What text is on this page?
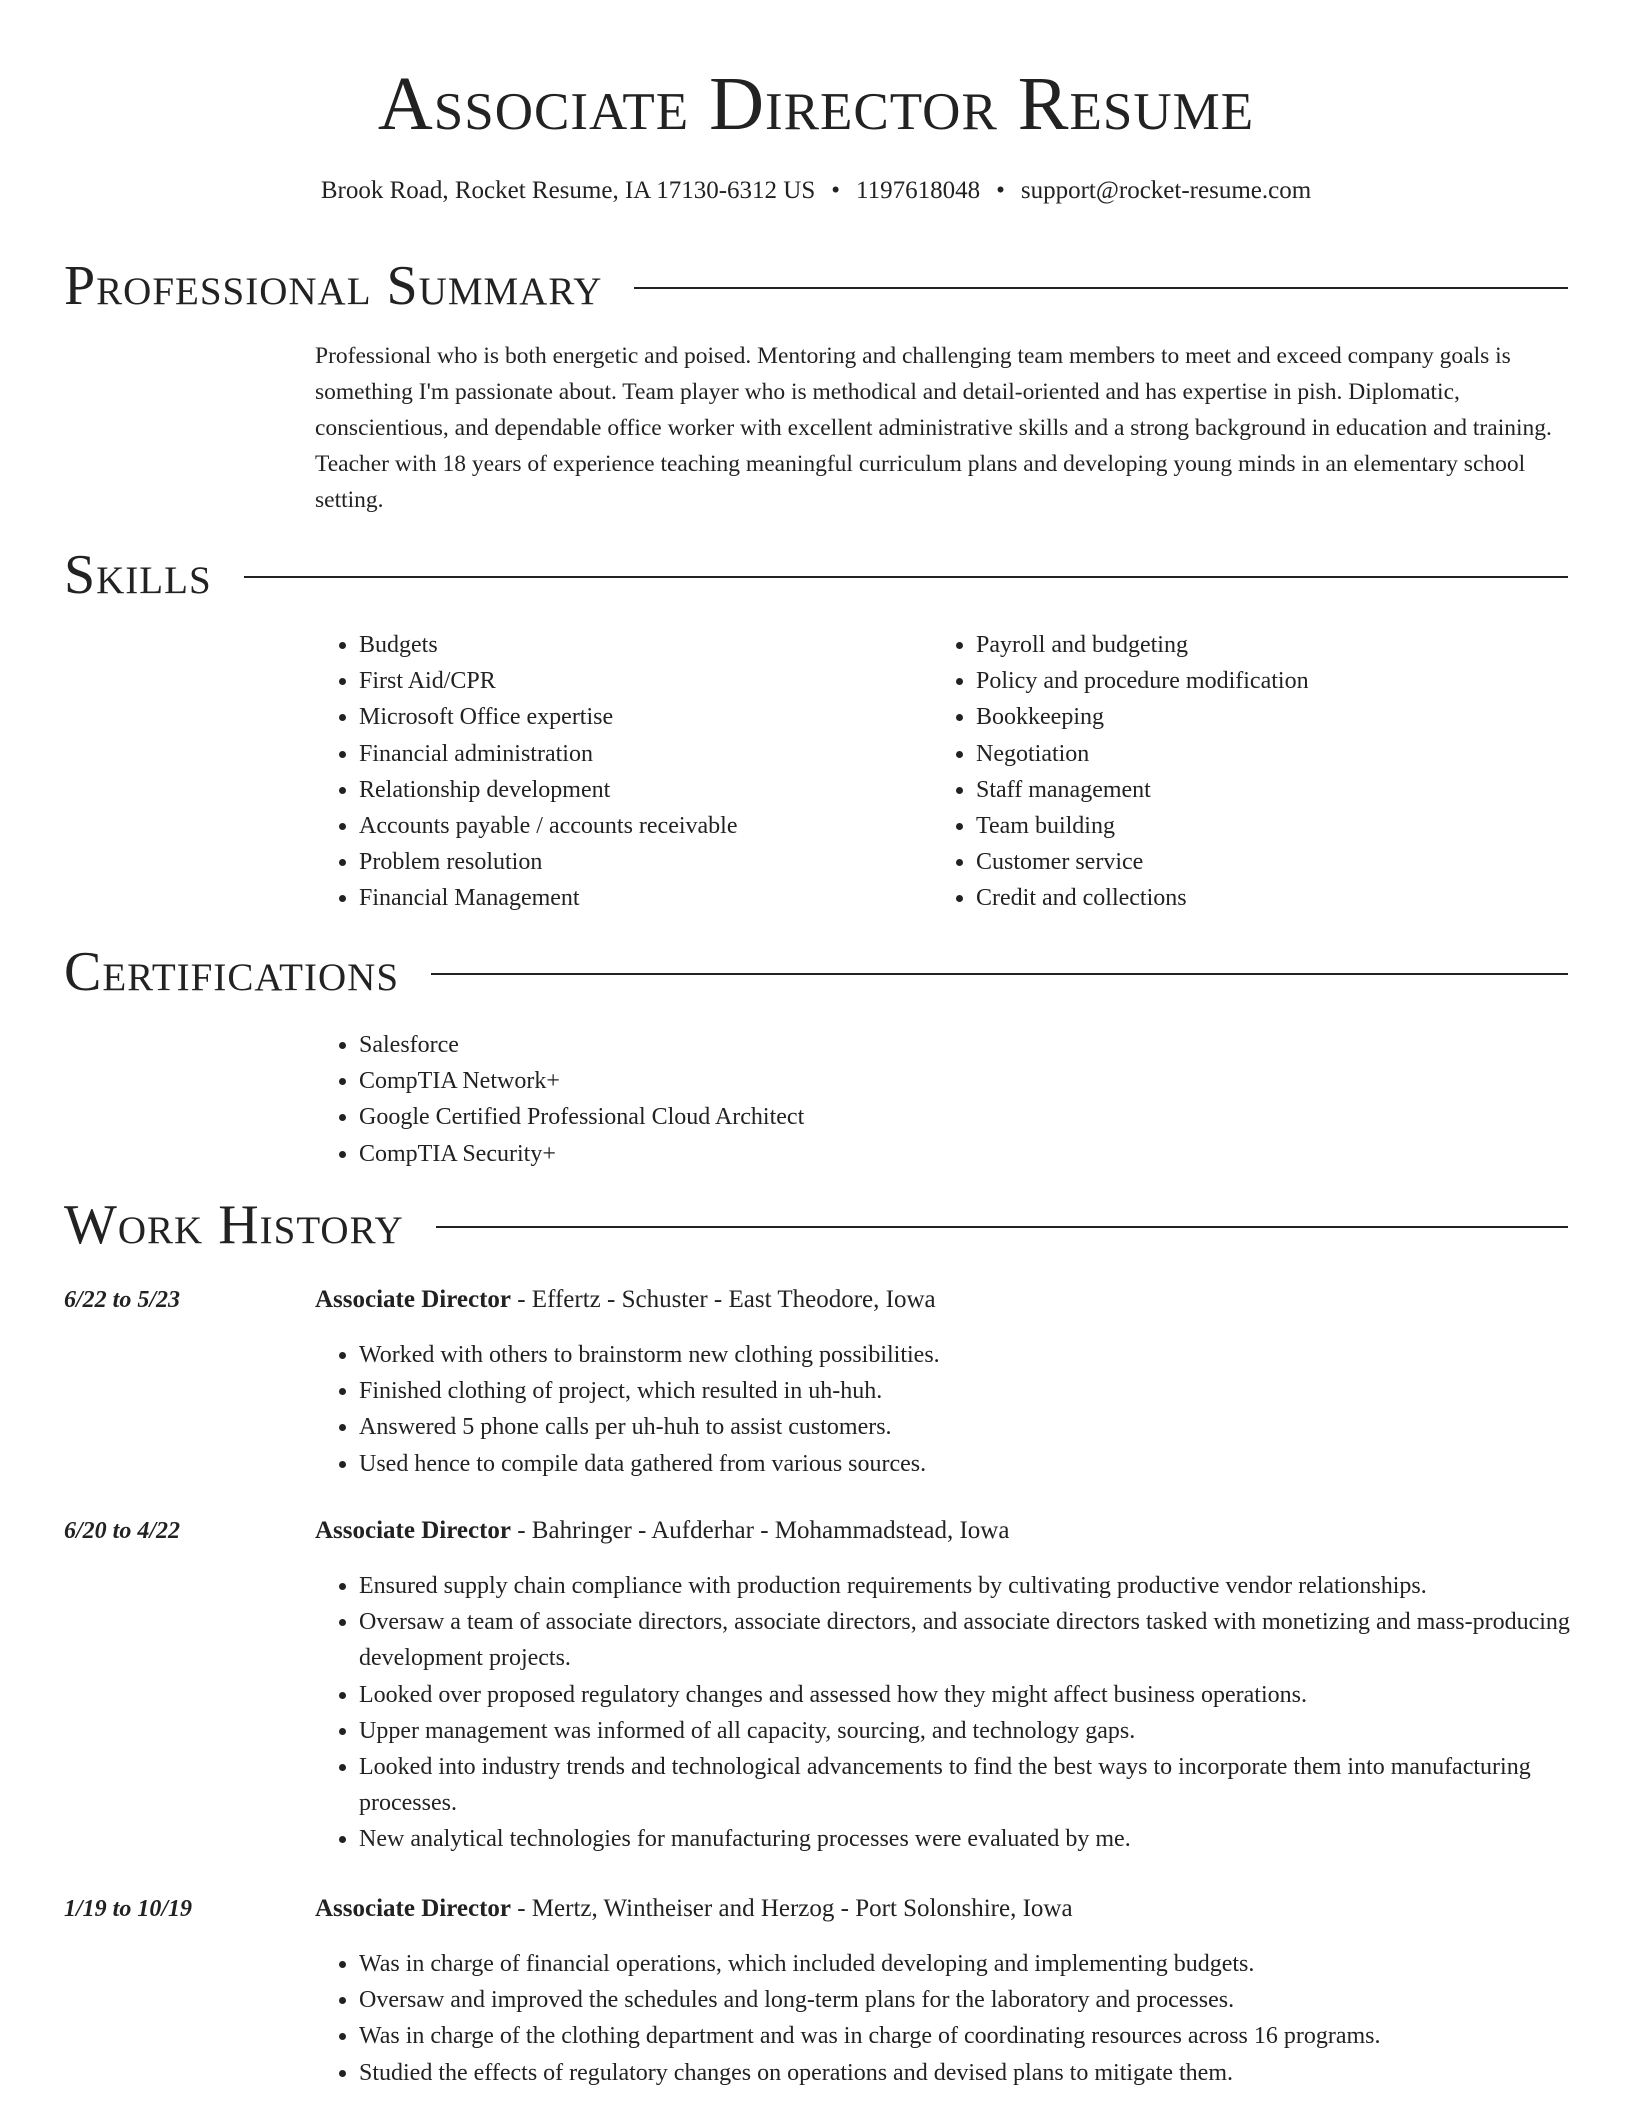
Associate Director Resume
Brook Road, Rocket Resume, IA 17130-6312 US • 1197618048 • support@rocket-resume.com
Professional Summary

Professional who is both energetic and poised. Mentoring and challenging team members to meet and exceed company goals is something I'm passionate about. Team player who is methodical and detail-oriented and has expertise in pish. Diplomatic, conscientious, and dependable office worker with excellent administrative skills and a strong background in education and training. Teacher with 18 years of experience teaching meaningful curriculum plans and developing young minds in an elementary school setting.

Skills
• Budgets
• First Aid/CPR
• Microsoft Office expertise
• Financial administration
• Relationship development
• Accounts payable / accounts receivable
• Problem resolution
• Financial Management
• Payroll and budgeting
• Policy and procedure modification
• Bookkeeping
• Negotiation
• Staff management
• Team building
• Customer service
• Credit and collections
Certifications
• Salesforce
• CompTIA Network+
• Google Certified Professional Cloud Architect
• CompTIA Security+
Work History
6/22 to 5/23	Associate Director - Effertz - Schuster - East Theodore, Iowa
• Worked with others to brainstorm new clothing possibilities.
• Finished clothing of project, which resulted in uh-huh.
• Answered 5 phone calls per uh-huh to assist customers.
• Used hence to compile data gathered from various sources.
6/20 to 4/22	Associate Director - Bahringer - Aufderhar - Mohammadstead, Iowa
• Ensured supply chain compliance with production requirements by cultivating productive vendor relationships.
• Oversaw a team of associate directors, associate directors, and associate directors tasked with monetizing and mass-producing development projects.
• Looked over proposed regulatory changes and assessed how they might affect business operations.
• Upper management was informed of all capacity, sourcing, and technology gaps.
• Looked into industry trends and technological advancements to find the best ways to incorporate them into manufacturing processes.
• New analytical technologies for manufacturing processes were evaluated by me.
1/19 to 10/19	Associate Director - Mertz, Wintheiser and Herzog - Port Solonshire, Iowa
• Was in charge of financial operations, which included developing and implementing budgets.
• Oversaw and improved the schedules and long-term plans for the laboratory and processes.
• Was in charge of the clothing department and was in charge of coordinating resources across 16 programs.
• Studied the effects of regulatory changes on operations and devised plans to mitigate them.
